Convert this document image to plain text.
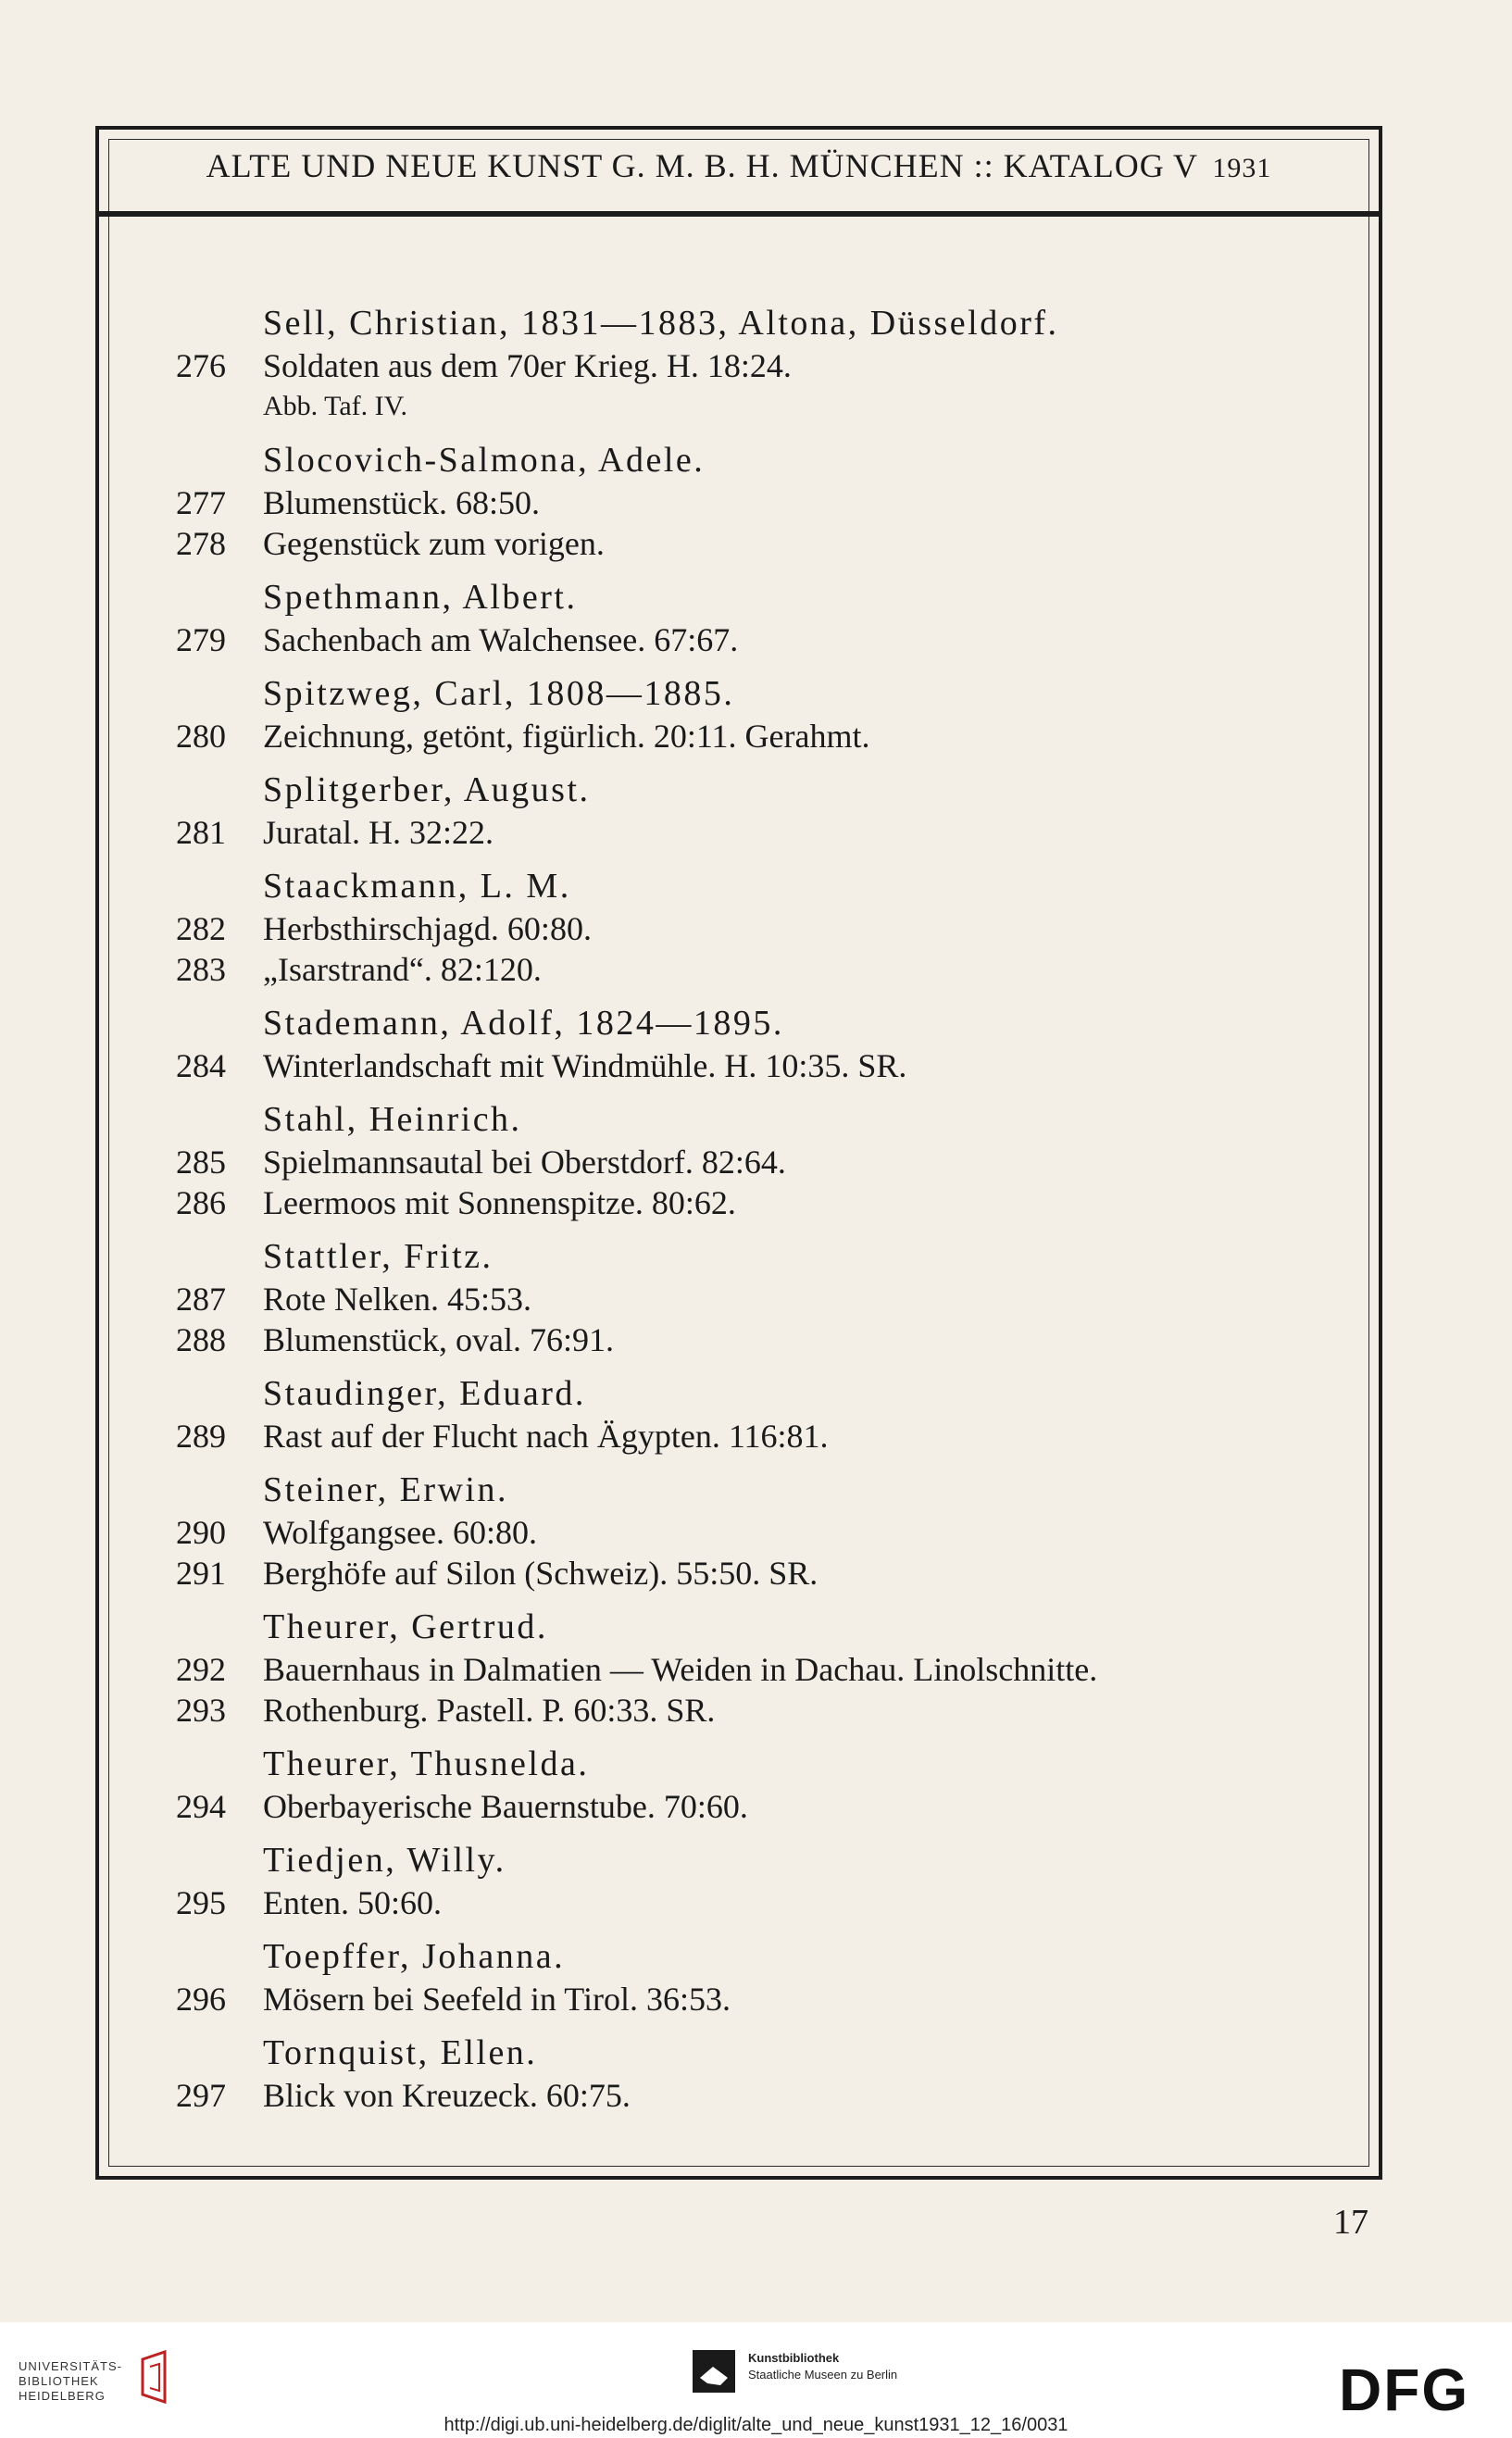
ALTE UND NEUE KUNST G. M. B. H. MÜNCHEN :: KATALOG V 1931
Sell, Christian, 1831—1883, Altona, Düsseldorf.
276	Soldaten aus dem 70er Krieg. H. 18:24.
Abb. Taf. IV.
Slocovich-Salmona, Adele.
277	Blumenstück. 68:50.
278	Gegenstück zum vorigen.
Spethmann, Albert.
279	Sachenbach am Walchensee. 67:67.
Spitzweg, Carl, 1808—1885.
280	Zeichnung, getönt, figürlich. 20:11. Gerahmt.
Splitgerber, August.
281	Juratal. H. 32:22.
Staackmann, L. M.
282	Herbsthirschjagd. 60:80.
283	„Isarstrand“. 82:120.
Stademann, Adolf, 1824—1895.
284	Winterlandschaft mit Windmühle. H. 10:35. SR.
Stahl, Heinrich.
285	Spielmannsautal bei Oberstdorf. 82:64.
286	Leermoos mit Sonnenspitze. 80:62.
Stattler, Fritz.
287	Rote Nelken. 45:53.
288	Blumenstück, oval. 76:91.
Staudinger, Eduard.
289	Rast auf der Flucht nach Ägypten. 116:81.
Steiner, Erwin.
290	Wolfgangsee. 60:80.
291	Berghöfe auf Silon (Schweiz). 55:50. SR.
Theurer, Gertrud.
292	Bauernhaus in Dalmatien — Weiden in Dachau. Linolschnitte.
293	Rothenburg. Pastell. P. 60:33. SR.
Theurer, Thusnelda.
294	Oberbayerische Bauernstube. 70:60.
Tiedjen, Willy.
295	Enten. 50:60.
Toepffer, Johanna.
296	Mösern bei Seefeld in Tirol. 36:53.
Tornquist, Ellen.
297	Blick von Kreuzeck. 60:75.
17
UNIVERSITÄTS-
BIBLIOTHEK
HEIDELBERG
Kunstbibliothek
Staatliche Museen zu Berlin	DFG
http://digi.ub.uni-heidelberg.de/diglit/alte_und_neue_kunst1931_12_16/0031
